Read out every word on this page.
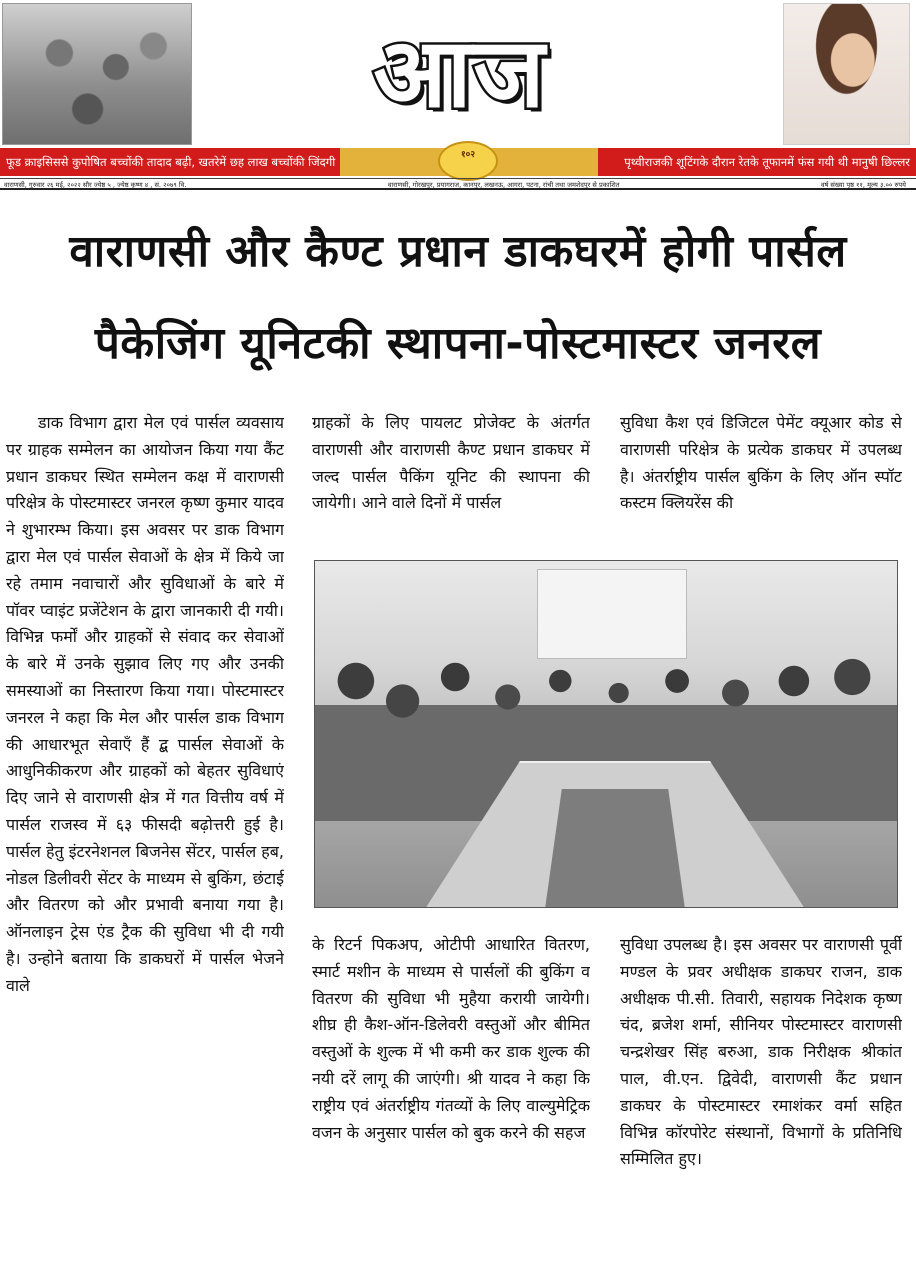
आज
फूड क्राइसिससे कुपोषित बच्चोंकी तादाद बढ़ी, खतरेमें छह लाख बच्चोंकी जिंदगी	पृथ्वीराजकी शूटिंगके दौरान रेतके तूफानमें फंस गयी थी मानुषी छिल्लर
१०२
वाराणसी, गुरुवार २६ मई, २०२२ सौर ज्येष्ठ ५ , ज्येष्ठ कृष्ण ४ , सं. २०७९ वि.	वाराणसी, गोरखपुर, प्रयागराज, कानपुर, लखनऊ, आगरा, पटना, रांची तथा जमशेदपुर से प्रकाशित	वर्ष संख्या पृष्ठ ११, मूल्य ३.०० रुपये
वाराणसी और कैण्ट प्रधान डाकघरमें होगी पार्सल
पैकेजिंग यूनिटकी स्थापना-पोस्टमास्टर जनरल

डाक विभाग द्वारा मेल एवं पार्सल व्यवसाय पर ग्राहक सम्मेलन का आयोजन किया गया कैंट प्रधान डाकघर स्थित सम्मेलन कक्ष में वाराणसी परिक्षेत्र के पोस्टमास्टर जनरल कृष्ण कुमार यादव ने शुभारम्भ किया। इस अवसर पर डाक विभाग द्वारा मेल एवं पार्सल सेवाओं के क्षेत्र में किये जा रहे तमाम नवाचारों और सुविधाओं के बारे में पॉवर प्वाइंट प्रजेंटेशन के द्वारा जानकारी दी गयी। विभिन्न फर्मों और ग्राहकों से संवाद कर सेवाओं के बारे में उनके सुझाव लिए गए और उनकी समस्याओं का निस्तारण किया गया। पोस्टमास्टर जनरल ने कहा कि मेल और पार्सल डाक विभाग की आधारभूत सेवाएँ हैं द्ब पार्सल सेवाओं के आधुनिकीकरण और ग्राहकों को बेहतर सुविधाएं दिए जाने से वाराणसी क्षेत्र में गत वित्तीय वर्ष में पार्सल राजस्व में ६३ फीसदी बढ़ोत्तरी हुई है। पार्सल हेतु इंटरनेशनल बिजनेस सेंटर, पार्सल हब, नोडल डिलीवरी सेंटर के माध्यम से बुकिंग, छंटाई और वितरण को और प्रभावी बनाया गया है। ऑनलाइन ट्रेस एंड ट्रैक की सुविधा भी दी गयी है। उन्होने बताया कि डाकघरों में पार्सल भेजने वाले

ग्राहकों के लिए पायलट प्रोजेक्ट के अंतर्गत वाराणसी और वाराणसी कैण्ट प्रधान डाकघर में जल्द पार्सल पैकिंग यूनिट की स्थापना की जायेगी। आने वाले दिनों में पार्सल
सुविधा कैश एवं डिजिटल पेमेंट क्यूआर कोड से वाराणसी परिक्षेत्र के प्रत्येक डाकघर में उपलब्ध है। अंतर्राष्ट्रीय पार्सल बुकिंग के लिए ऑन स्पॉट कस्टम क्लियरेंस की
के रिटर्न पिकअप, ओटीपी आधारित वितरण, स्मार्ट मशीन के माध्यम से पार्सलों की बुकिंग व वितरण की सुविधा भी मुहैया करायी जायेगी। शीघ्र ही कैश-ऑन-डिलेवरी वस्तुओं और बीमित वस्तुओं के शुल्क में भी कमी कर डाक शुल्क की नयी दरें लागू की जाएंगी। श्री यादव ने कहा कि राष्ट्रीय एवं अंतर्राष्ट्रीय गंतव्यों के लिए वाल्युमेट्रिक वजन के अनुसार पार्सल को बुक करने की सहज
सुविधा उपलब्ध है। इस अवसर पर वाराणसी पूर्वी मण्डल के प्रवर अधीक्षक डाकघर राजन, डाक अधीक्षक पी.सी. तिवारी, सहायक निदेशक कृष्ण चंद, ब्रजेश शर्मा, सीनियर पोस्टमास्टर वाराणसी चन्द्रशेखर सिंह बरुआ, डाक निरीक्षक श्रीकांत पाल, वी.एन. द्विवेदी, वाराणसी कैंट प्रधान डाकघर के पोस्टमास्टर रमाशंकर वर्मा सहित विभिन्न कॉरपोरेट संस्थानों, विभागों के प्रतिनिधि सम्मिलित हुए।
